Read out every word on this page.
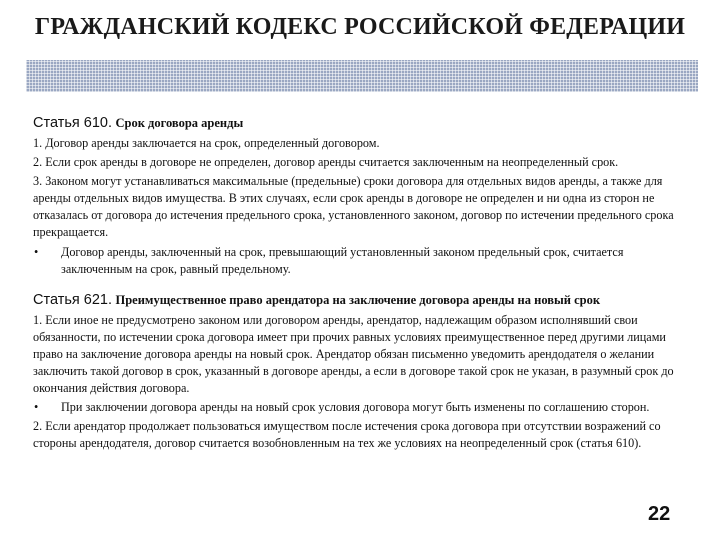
ГРАЖДАНСКИЙ КОДЕКС РОССИЙСКОЙ ФЕДЕРАЦИИ

Статья 610. Срок договора аренды

1. Договор аренды заключается на срок, определенный договором.

2. Если срок аренды в договоре не определен, договор аренды считается заключенным на неопределенный срок.

3. Законом могут устанавливаться максимальные (предельные) сроки договора для отдельных видов аренды, а также для аренды отдельных видов имущества. В этих случаях, если срок аренды в договоре не определен и ни одна из сторон не отказалась от договора до истечения предельного срока, установленного законом, договор по истечении предельного срока прекращается.

•	Договор аренды, заключенный на срок, превышающий установленный законом предельный срок, считается заключенным на срок, равный предельному.

Статья 621. Преимущественное право арендатора на заключение договора аренды на новый срок

1. Если иное не предусмотрено законом или договором аренды, арендатор, надлежащим образом исполнявший свои обязанности, по истечении срока договора имеет при прочих равных условиях преимущественное перед другими лицами право на заключение договора аренды на новый срок. Арендатор обязан письменно уведомить арендодателя о желании заключить такой договор в срок, указанный в договоре аренды, а если в договоре такой срок не указан, в разумный срок до окончания действия договора.

•	При заключении договора аренды на новый срок условия договора могут быть изменены по соглашению сторон.

2. Если арендатор продолжает пользоваться имуществом после истечения срока договора при отсутствии возражений со стороны арендодателя, договор считается возобновленным на тех же условиях на неопределенный срок (статья 610).

22
